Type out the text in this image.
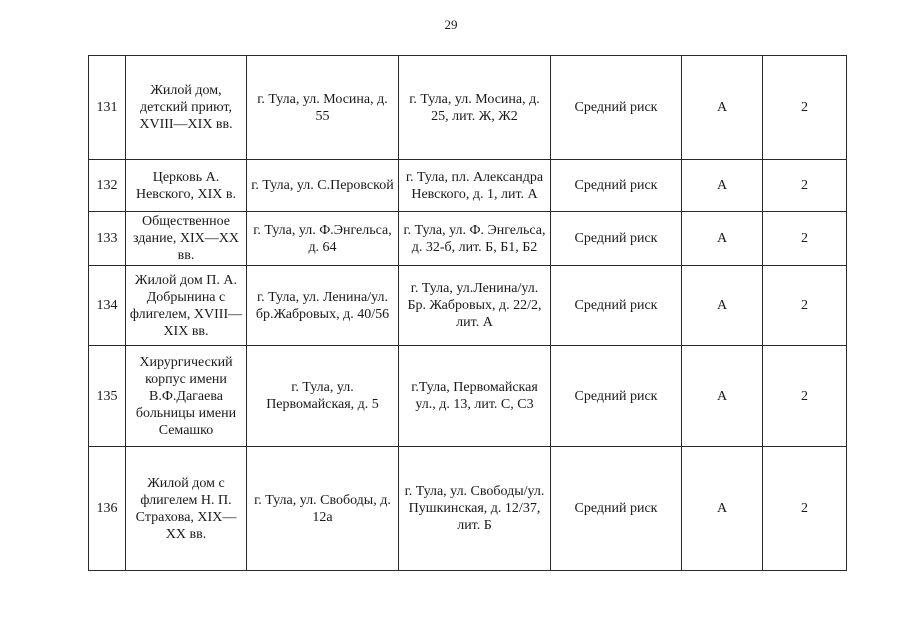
29
131	Жилой дом, детский приют, XVIII—XIX вв.	г. Тула, ул. Мосина, д. 55	г. Тула, ул. Мосина, д. 25, лит. Ж, Ж2	Средний риск	А	2
132	Церковь А. Невского, XIX в.	г. Тула, ул. С.Перовской	г. Тула, пл. Александра Невского, д. 1, лит. А	Средний риск	А	2
133	Общественное здание, XIX—XX вв.	г. Тула, ул. Ф.Энгельса, д. 64	г. Тула, ул. Ф. Энгельса, д. 32-б, лит. Б, Б1, Б2	Средний риск	А	2
134	Жилой дом П. А. Добрынина с флигелем, XVIII—XIX вв.	г. Тула, ул. Ленина/ул. бр.Жабровых, д. 40/56	г. Тула, ул.Ленина/ул. Бр. Жабровых, д. 22/2, лит. А	Средний риск	А	2
135	Хирургический корпус имени В.Ф.Дагаева больницы имени Семашко	г. Тула, ул. Первомайская, д. 5	г.Тула, Первомайская ул., д. 13, лит. С, С3	Средний риск	А	2
136	Жилой дом с флигелем Н. П. Страхова, XIX—XX вв.	г. Тула, ул. Свободы, д. 12а	г. Тула, ул. Свободы/ул. Пушкинская, д. 12/37, лит. Б	Средний риск	А	2
